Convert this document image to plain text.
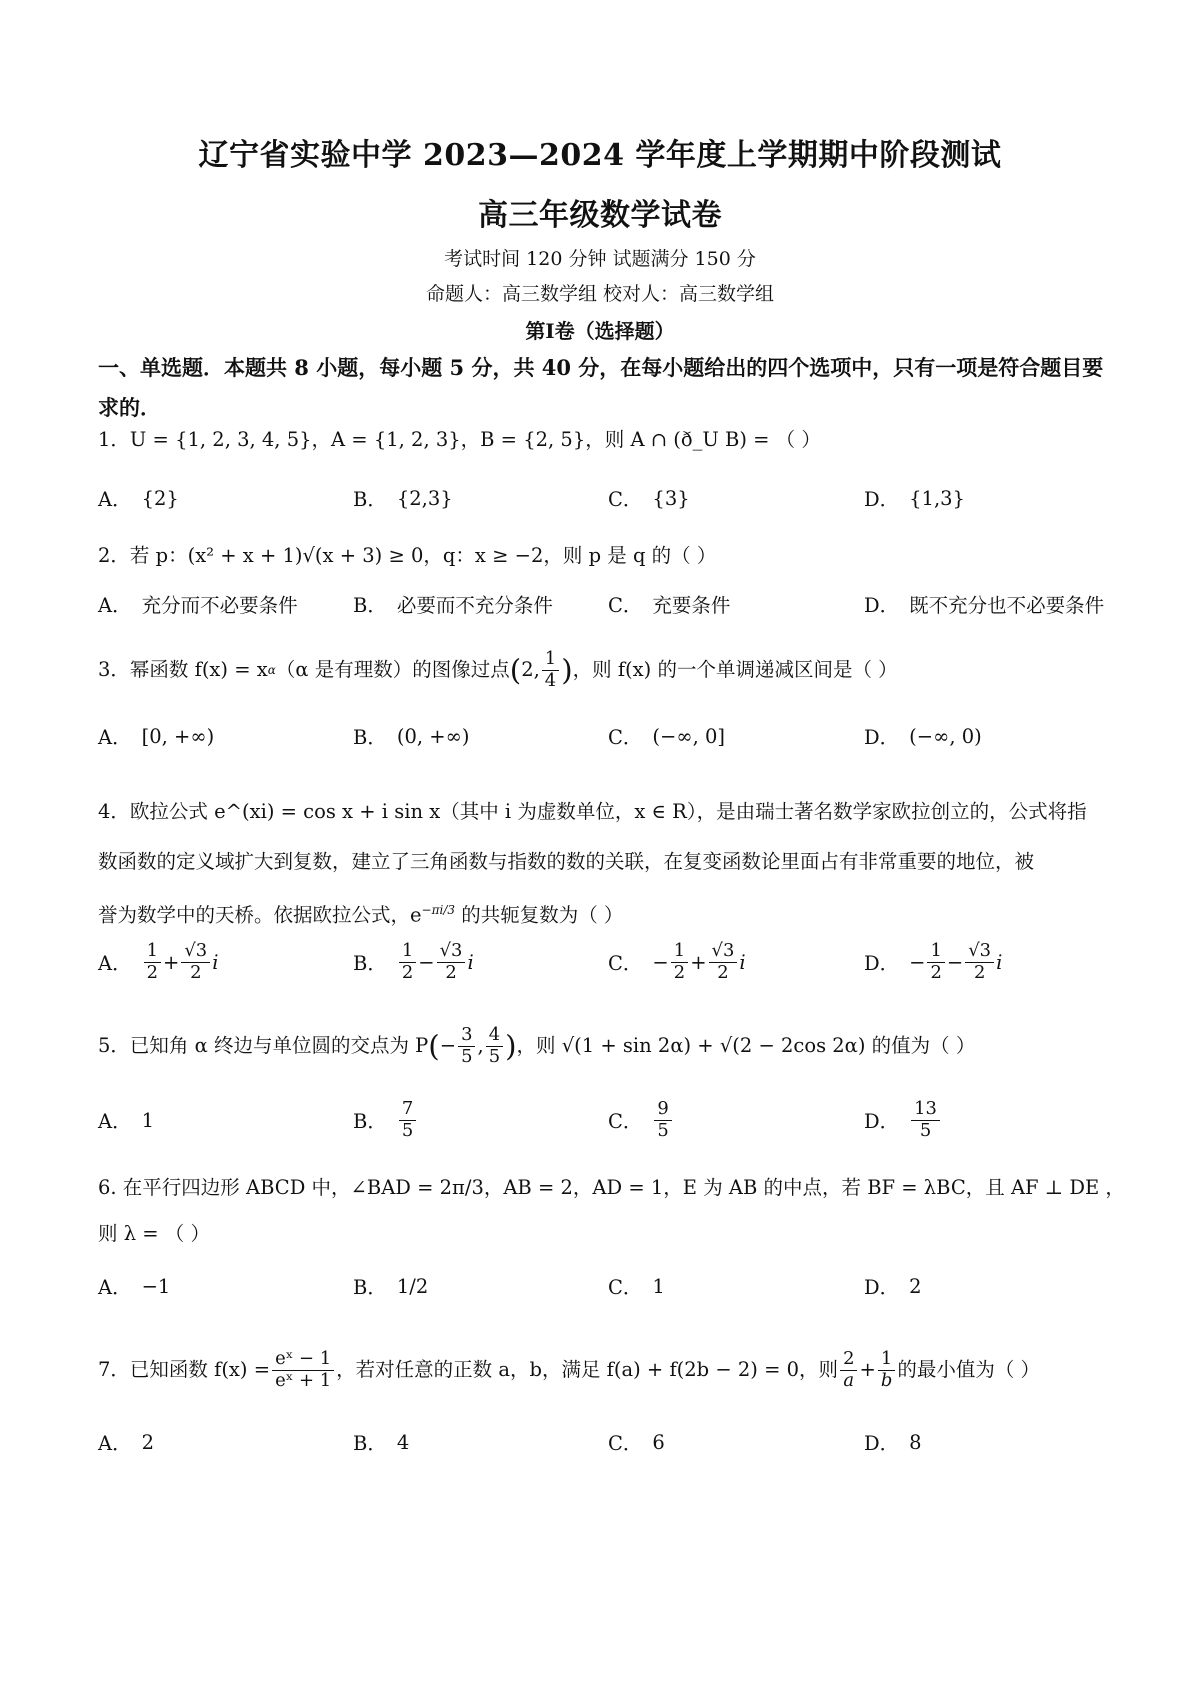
辽宁省实验中学 2023—2024 学年度上学期期中阶段测试
高三年级数学试卷
考试时间 120 分钟 试题满分 150 分
命题人：高三数学组 校对人：高三数学组
第Ⅰ卷（选择题）
一、单选题．本题共 8 小题，每小题 5 分，共 40 分，在每小题给出的四个选项中，只有一项是符合题目要求的．
1．U = {1, 2, 3, 4, 5}，A = {1, 2, 3}，B = {2, 5}，则 A ∩ (ð_U B) = （ ）
A． {2}	B． {2,3}	C． {3}	D． {1,3}
2．若 p：(x² + x + 1)√(x + 3) ≥ 0，q：x ≥ −2，则 p 是 q 的（ ）
A． 充分而不必要条件	B． 必要而不充分条件	C． 充要条件	D． 既不充分也不必要条件
3．幂函数 f(x) = x α （α 是有理数）的图像过点 ( 2, $\frac{1}{4}$ ) ，则 f(x) 的一个单调递减区间是（ ）
A． [0, +∞)	B． (0, +∞)	C． (−∞, 0]	D． (−∞, 0)
4．欧拉公式 e^(xi) = cos x + i sin x（其中 i 为虚数单位，x ∈ R），是由瑞士著名数学家欧拉创立的，公式将指
数函数的定义域扩大到复数，建立了三角函数与指数的数的关联，在复变函数论里面占有非常重要的地位，被
誉为数学中的天桥。依据欧拉公式，$e^{-\pi i/3}$ 的共轭复数为（ ）
A． $\frac{1}{2} + \frac{√3}{2}$ i	B． $\frac{1}{2} - \frac{√3}{2}$ i	C． − $\frac{1}{2} + \frac{√3}{2}$ i	D． − $\frac{1}{2} - \frac{√3}{2}$ i
5．已知角 α 终边与单位圆的交点为 P ( − $\frac{3}{5}$ , $\frac{4}{5}$ ) ，则 √(1 + sin 2α) + √(2 − 2cos 2α) 的值为（ ）
A． 1	B． $\frac{7}{5}$	C． $\frac{9}{5}$	D． $\frac{13}{5}$
6. 在平行四边形 ABCD 中，∠BAD = 2π/3，AB = 2，AD = 1，E 为 AB 的中点，若 BF = λBC，且 AF ⊥ DE ，
则 λ = （ ）
A． −1	B． 1/2	C． 1	D． 2
7．已知函数 $f(x) = \frac{\text{eˣ − 1}}{\text{eˣ + 1}}$ ，若对任意的正数 a，b，满足 f(a) + f(2b − 2) = 0，则 $\frac{2}{a} + \frac{1}{b}$ 的最小值为（ ）
A． 2	B． 4	C． 6	D． 8
